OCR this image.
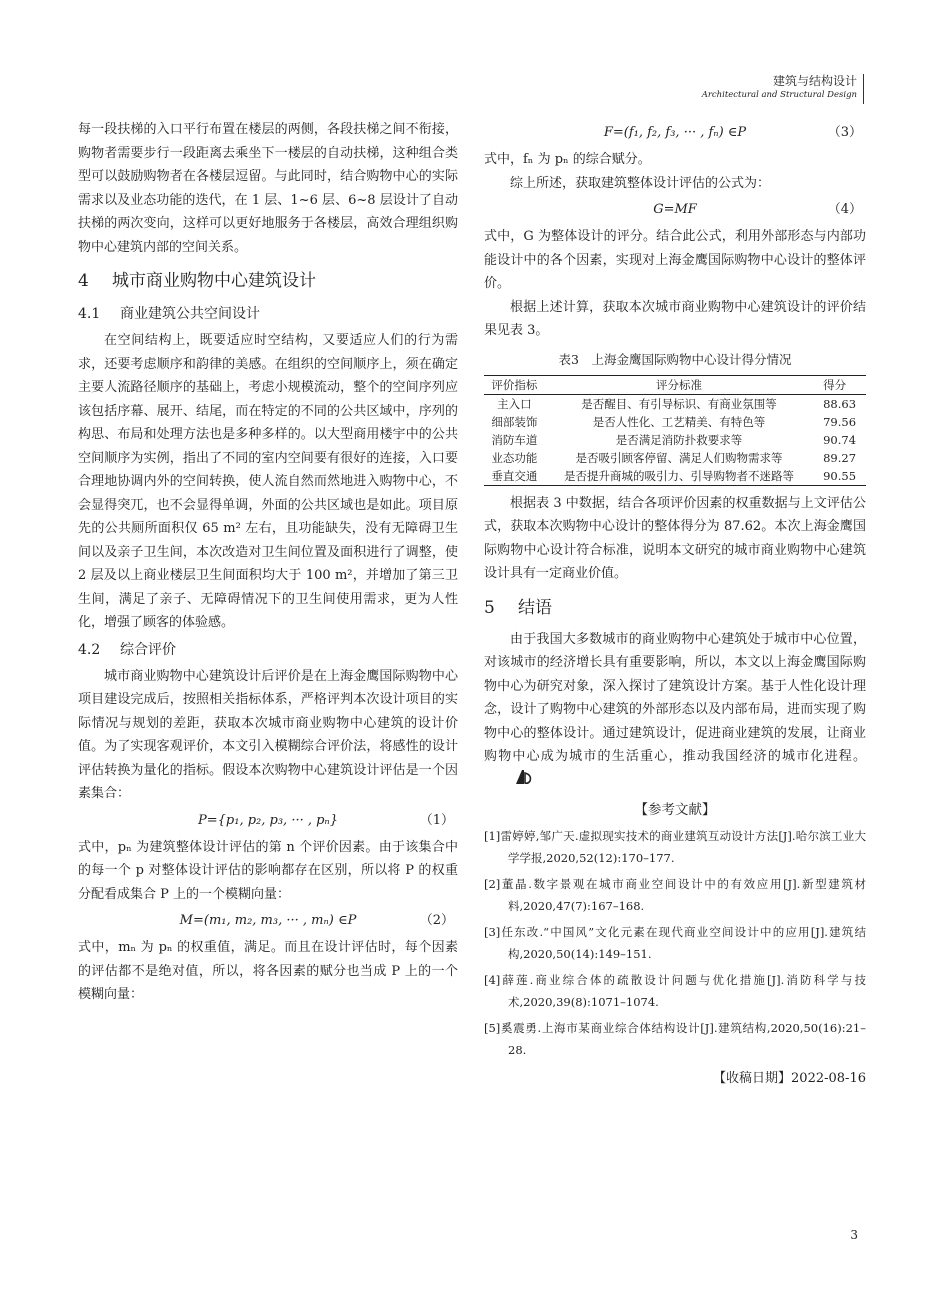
建筑与结构设计
Architectural and Structural Design

每一段扶梯的入口平行布置在楼层的两侧，各段扶梯之间不衔接，购物者需要步行一段距离去乘坐下一楼层的自动扶梯，这种组合类型可以鼓励购物者在各楼层逗留。与此同时，结合购物中心的实际需求以及业态功能的迭代，在 1 层、1~6 层、6~8 层设计了自动扶梯的两次变向，这样可以更好地服务于各楼层，高效合理组织购物中心建筑内部的空间关系。

4 城市商业购物中心建筑设计
4.1 商业建筑公共空间设计

在空间结构上，既要适应时空结构，又要适应人们的行为需求，还要考虑顺序和韵律的美感。在组织的空间顺序上，须在确定主要人流路径顺序的基础上，考虑小规模流动，整个的空间序列应该包括序幕、展开、结尾，而在特定的不同的公共区域中，序列的构思、布局和处理方法也是多种多样的。以大型商用楼宇中的公共空间顺序为实例，指出了不同的室内空间要有很好的连接，入口要合理地协调内外的空间转换，使人流自然而然地进入购物中心，不会显得突兀，也不会显得单调，外面的公共区域也是如此。项目原先的公共厕所面积仅 65 m² 左右，且功能缺失，没有无障碍卫生间以及亲子卫生间，本次改造对卫生间位置及面积进行了调整，使 2 层及以上商业楼层卫生间面积均大于 100 m²，并增加了第三卫生间，满足了亲子、无障碍情况下的卫生间使用需求，更为人性化，增强了顾客的体验感。

4.2 综合评价

城市商业购物中心建筑设计后评价是在上海金鹰国际购物中心项目建设完成后，按照相关指标体系，严格评判本次设计项目的实际情况与规划的差距，获取本次城市商业购物中心建筑的设计价值。为了实现客观评价，本文引入模糊综合评价法，将感性的设计评估转换为量化的指标。假设本次购物中心建筑设计评估是一个因素集合：

P={p₁, p₂, p₃, ··· , pₙ}	（1）

式中，pₙ 为建筑整体设计评估的第 n 个评价因素。由于该集合中的每一个 p 对整体设计评估的影响都存在区别，所以将 P 的权重分配看成集合 P 上的一个模糊向量：

M=(m₁, m₂, m₃, ··· , mₙ) ∈P	（2）

式中，mₙ 为 pₙ 的权重值，满足。而且在设计评估时，每个因素的评估都不是绝对值，所以，将各因素的赋分也当成 P 上的一个模糊向量：

F=(f₁, f₂, f₃, ··· , fₙ) ∈P	（3）

式中，fₙ 为 pₙ 的综合赋分。

综上所述，获取建筑整体设计评估的公式为：

G=MF	（4）

式中，G 为整体设计的评分。结合此公式，利用外部形态与内部功能设计中的各个因素，实现对上海金鹰国际购物中心设计的整体评价。

根据上述计算，获取本次城市商业购物中心建筑设计的评价结果见表 3。

表3　上海金鹰国际购物中心设计得分情况
评价指标	评分标准	得分
主入口	是否醒目、有引导标识、有商业氛围等	88.63
细部装饰	是否人性化、工艺精美、有特色等	79.56
消防车道	是否满足消防扑救要求等	90.74
业态功能	是否吸引顾客停留、满足人们购物需求等	89.27
垂直交通	是否提升商城的吸引力、引导购物者不迷路等	90.55

根据表 3 中数据，结合各项评价因素的权重数据与上文评估公式，获取本次购物中心设计的整体得分为 87.62。本次上海金鹰国际购物中心设计符合标准，说明本文研究的城市商业购物中心建筑设计具有一定商业价值。

5 结语

由于我国大多数城市的商业购物中心建筑处于城市中心位置，对该城市的经济增长具有重要影响，所以，本文以上海金鹰国际购物中心为研究对象，深入探讨了建筑设计方案。基于人性化设计理念，设计了购物中心建筑的外部形态以及内部布局，进而实现了购物中心的整体设计。通过建筑设计，促进商业建筑的发展，让商业购物中心成为城市的生活重心，推动我国经济的城市化进程。

【参考文献】
[1]雷婷婷,邹广天.虚拟现实技术的商业建筑互动设计方法[J].哈尔滨工业大学学报,2020,52(12):170–177.
[2]董晶.数字景观在城市商业空间设计中的有效应用[J].新型建筑材料,2020,47(7):167–168.
[3]任东改.“中国风”文化元素在现代商业空间设计中的应用[J].建筑结构,2020,50(14):149–151.
[4]薛莲.商业综合体的疏散设计问题与优化措施[J].消防科学与技术,2020,39(8):1071–1074.
[5]奚震勇.上海市某商业综合体结构设计[J].建筑结构,2020,50(16):21–28.
【收稿日期】2022-08-16
3
